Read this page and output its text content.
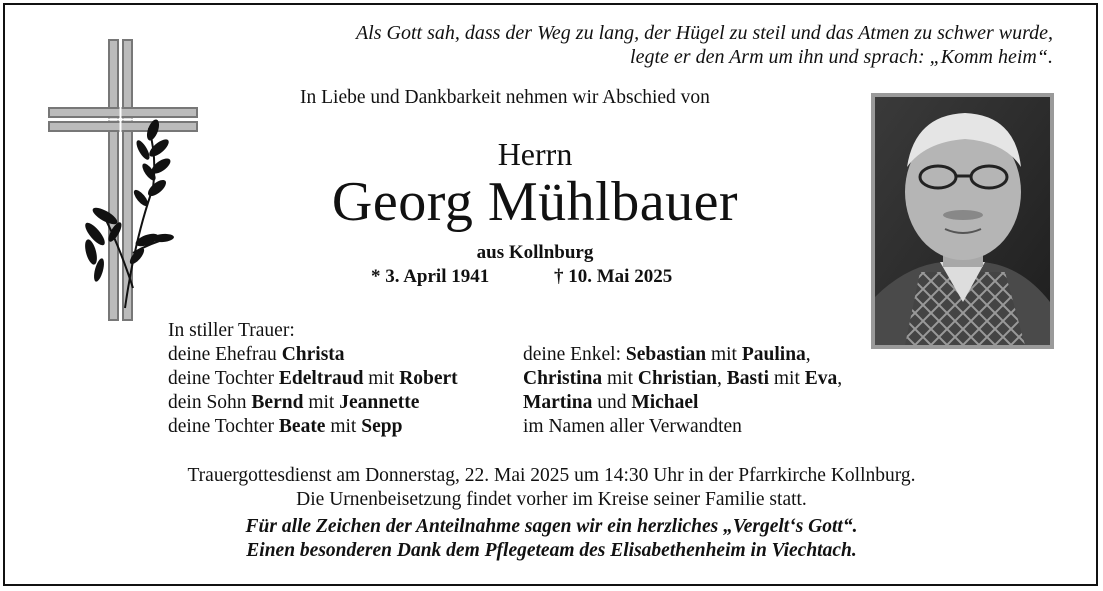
Als Gott sah, dass der Weg zu lang, der Hügel zu steil und das Atmen zu schwer wurde,
legte er den Arm um ihn und sprach: „Komm heim“.
In Liebe und Dankbarkeit nehmen wir Abschied von
Herrn
Georg Mühlbauer
aus Kollnburg
* 3. April 1941	† 10. Mai 2025
In stiller Trauer:
deine Ehefrau Christa
deine Tochter Edeltraud mit Robert
dein Sohn Bernd mit Jeannette
deine Tochter Beate mit Sepp
deine Enkel: Sebastian mit Paulina,
Christina mit Christian, Basti mit Eva,
Martina und Michael
im Namen aller Verwandten
Trauergottesdienst am Donnerstag, 22. Mai 2025 um 14:30 Uhr in der Pfarrkirche Kollnburg.
Die Urnenbeisetzung findet vorher im Kreise seiner Familie statt.
Für alle Zeichen der Anteilnahme sagen wir ein herzliches „Vergelt‘s Gott“.
Einen besonderen Dank dem Pflegeteam des Elisabethenheim in Viechtach.
